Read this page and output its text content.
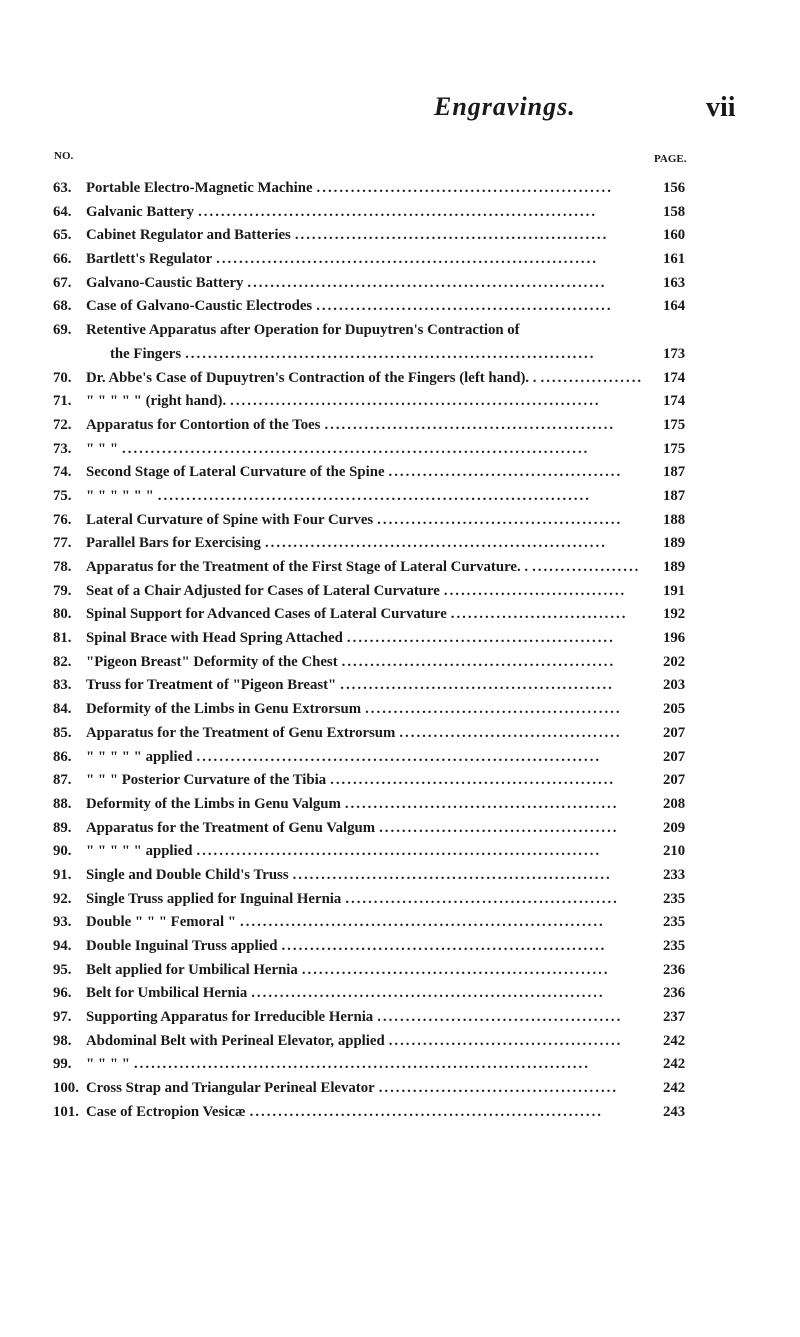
Engravings.	vii
NO.	PAGE.
63. Portable Electro-Magnetic Machine	156
....................................................
64. Galvanic Battery	158
......................................................................
65. Cabinet Regulator and Batteries	160
.......................................................
66. Bartlett's Regulator	161
...................................................................
67. Galvano-Caustic Battery	163
...............................................................
68. Case of Galvano-Caustic Electrodes	164
....................................................
69. Retentive Apparatus after Operation for Dupuytren's Contraction of
the Fingers	173
........................................................................
70. Dr. Abbe's Case of Dupuytren's Contraction of the Fingers (left hand). .	174
..................
71. " " " " " (right hand).	174
.................................................................
72. Apparatus for Contortion of the Toes	175
...................................................
73. " " "	175
..................................................................................
74. Second Stage of Lateral Curvature of the Spine	187
.........................................
75. " " " " " "	187
............................................................................
76. Lateral Curvature of Spine with Four Curves	188
...........................................
77. Parallel Bars for Exercising	189
............................................................
78. Apparatus for the Treatment of the First Stage of Lateral Curvature. .	189
...................
79. Seat of a Chair Adjusted for Cases of Lateral Curvature	191
................................
80. Spinal Support for Advanced Cases of Lateral Curvature	192
...............................
81. Spinal Brace with Head Spring Attached	196
...............................................
82. "Pigeon Breast" Deformity of the Chest	202
................................................
83. Truss for Treatment of "Pigeon Breast"	203
................................................
84. Deformity of the Limbs in Genu Extrorsum	205
.............................................
85. Apparatus for the Treatment of Genu Extrorsum	207
.......................................
86. " " " " " applied	207
.......................................................................
87. " " " Posterior Curvature of the Tibia	207
..................................................
88. Deformity of the Limbs in Genu Valgum	208
................................................
89. Apparatus for the Treatment of Genu Valgum	209
..........................................
90. " " " " " applied	210
.......................................................................
91. Single and Double Child's Truss	233
........................................................
92. Single Truss applied for Inguinal Hernia	235
................................................
93. Double " " " Femoral "	235
................................................................
94. Double Inguinal Truss applied	235
.........................................................
95. Belt applied for Umbilical Hernia	236
......................................................
96. Belt for Umbilical Hernia	236
..............................................................
97. Supporting Apparatus for Irreducible Hernia	237
...........................................
98. Abdominal Belt with Perineal Elevator, applied	242
.........................................
99. " " " "	242
................................................................................
100. Cross Strap and Triangular Perineal Elevator	242
..........................................
101. Case of Ectropion Vesicæ	243
..............................................................
